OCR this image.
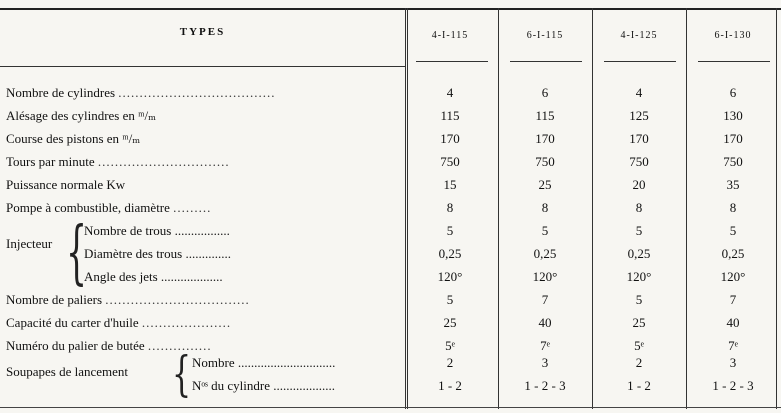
TYPES	4-I-115	6-I-115	4-I-125	6-I-130
Nombre de cylindres .....................................	4	6	4	6
Alésage des cylindres en ᵐ/ₘ	115	115	125	130
Course des pistons en ᵐ/ₘ	170	170	170	170
Tours par minute ...............................	750	750	750	750
Puissance normale Kw	15	25	20	35
Pompe à combustible, diamètre .........	8	8	8	8
Injecteur {
Nombre de trous .................	5	5	5	5
Diamètre des trous ..............	0,25	0,25	0,25	0,25
Angle des jets ...................	120°	120°	120°	120°
Nombre de paliers ..................................	5	7	5	7
Capacité du carter d'huile .....................	25	40	25	40
Numéro du palier de butée ...............	5ᵉ	7ᵉ	5ᵉ	7ᵉ
Soupapes de lancement { Nombre ..............................	2	3	2	3
Nᵒˢ du cylindre ...................	1 - 2	1 - 2 - 3	1 - 2	1 - 2 - 3
